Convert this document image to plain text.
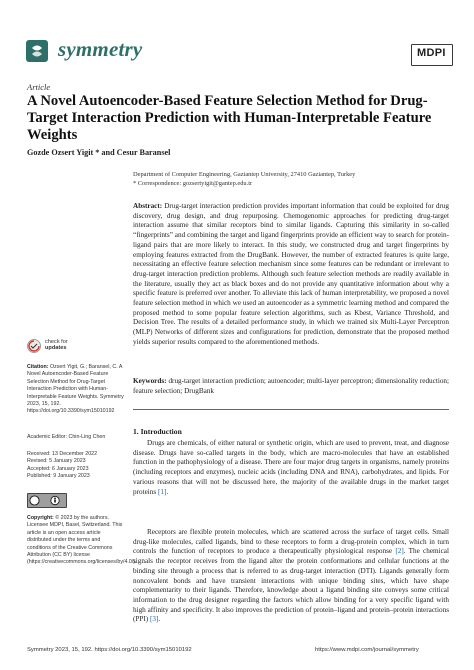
symmetry	MDPI
Article
A Novel Autoencoder-Based Feature Selection Method for Drug-Target Interaction Prediction with Human-Interpretable Feature Weights
Gozde Ozsert Yigit * and Cesur Baransel
Department of Computer Engineering, Gaziantep University, 27410 Gaziantep, Turkey
* Correspondence: gozsertyigit@gantep.edu.tr
Abstract: Drug-target interaction prediction provides important information that could be exploited for drug discovery, drug design, and drug repurposing. Chemogenomic approaches for predicting drug-target interaction assume that similar receptors bind to similar ligands. Capturing this similarity in so-called “fingerprints” and combining the target and ligand fingerprints provide an efficient way to search for protein-ligand pairs that are more likely to interact. In this study, we constructed drug and target fingerprints by employing features extracted from the DrugBank. However, the number of extracted features is quite large, necessitating an effective feature selection mechanism since some features can be redundant or irrelevant to drug-target interaction prediction problems. Although such feature selection methods are readily available in the literature, usually they act as black boxes and do not provide any quantitative information about why a specific feature is preferred over another. To alleviate this lack of human interpretability, we proposed a novel feature selection method in which we used an autoencoder as a symmetric learning method and compared the proposed method to some popular feature selection algorithms, such as Kbest, Variance Threshold, and Decision Tree. The results of a detailed performance study, in which we trained six Multi-Layer Perceptron (MLP) Networks of different sizes and configurations for prediction, demonstrate that the proposed method yields superior results compared to the aforementioned methods.
Keywords: drug-target interaction prediction; autoencoder; multi-layer perceptron; dimensionality reduction; feature selection; DrugBank
1. Introduction
Drugs are chemicals, of either natural or synthetic origin, which are used to prevent, treat, and diagnose disease. Drugs have so-called targets in the body, which are macro-molecules that have an established function in the pathophysiology of a disease. There are four major drug targets in organisms, namely proteins (including receptors and enzymes), nucleic acids (including DNA and RNA), carbohydrates, and lipids. For various reasons that will not be discussed here, the majority of the available drugs in the market target proteins [1].
Receptors are flexible protein molecules, which are scattered across the surface of target cells. Small drug-like molecules, called ligands, bind to these receptors to form a drug-protein complex, which in turn controls the function of receptors to produce a therapeutically physiological response [2]. The chemical signals the receptor receives from the ligand alter the protein conformations and cellular functions at the binding site through a process that is referred to as drug-target interaction (DTI). Ligands generally form noncovalent bonds and have transient interactions with unique binding sites, which have shape complementarity to their ligands. Therefore, knowledge about a ligand binding site conveys some critical information to the drug designer regarding the factors which allow binding for a very specific ligand with high affinity and specificity. It also improves the prediction of protein–ligand and protein–protein interactions (PPI) [3].
check for
updates
Citation: Ozsert Yigit, G.; Baransel, C. A Novel Autoencoder-Based Feature Selection Method for Drug-Target Interaction Prediction with Human-Interpretable Feature Weights. Symmetry 2023, 15, 192. https://doi.org/10.3390/sym15010192
Academic Editor: Chin-Ling Chen
Received: 13 December 2022
Revised: 5 January 2023
Accepted: 6 January 2023
Published: 9 January 2023
Copyright: © 2023 by the authors. Licensee MDPI, Basel, Switzerland. This article is an open access article distributed under the terms and conditions of the Creative Commons Attribution (CC BY) license (https://creativecommons.org/licenses/by/4.0/).
Symmetry 2023, 15, 192. https://doi.org/10.3390/sym15010192	https://www.mdpi.com/journal/symmetry
